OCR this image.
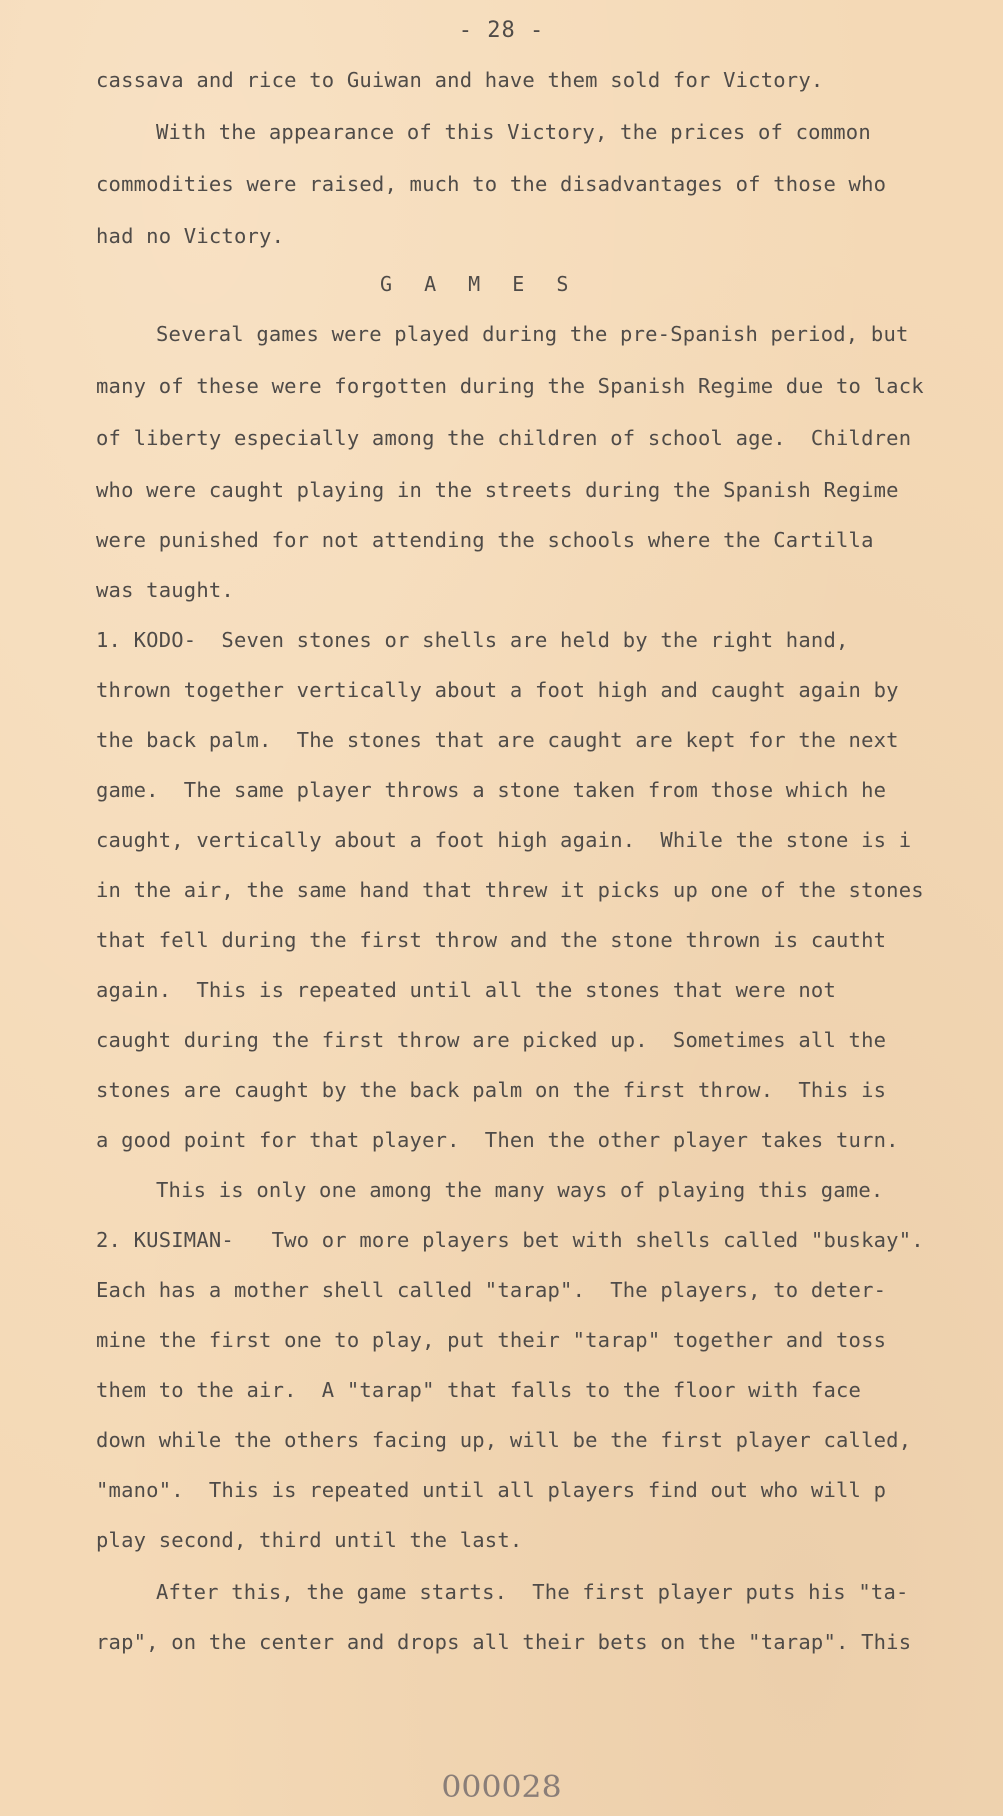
- 28 -
cassava and rice to Guiwan and have them sold for Victory.
With the appearance of this Victory, the prices of common
commodities were raised, much to the disadvantages of those who
had no Victory.
G A M E S
Several games were played during the pre-Spanish period, but
many of these were forgotten during the Spanish Regime due to lack
of liberty especially among the children of school age.  Children
who were caught playing in the streets during the Spanish Regime
were punished for not attending the schools where the Cartilla
was taught.
1. KODO-  Seven stones or shells are held by the right hand,
thrown together vertically about a foot high and caught again by
the back palm.  The stones that are caught are kept for the next
game.  The same player throws a stone taken from those which he
caught, vertically about a foot high again.  While the stone is i
in the air, the same hand that threw it picks up one of the stones
that fell during the first throw and the stone thrown is cautht
again.  This is repeated until all the stones that were not
caught during the first throw are picked up.  Sometimes all the
stones are caught by the back palm on the first throw.  This is
a good point for that player.  Then the other player takes turn.
This is only one among the many ways of playing this game.
2. KUSIMAN-   Two or more players bet with shells called "buskay".
Each has a mother shell called "tarap".  The players, to deter-
mine the first one to play, put their "tarap" together and toss
them to the air.  A "tarap" that falls to the floor with face
down while the others facing up, will be the first player called,
"mano".  This is repeated until all players find out who will p
play second, third until the last.
After this, the game starts.  The first player puts his "ta-
rap", on the center and drops all their bets on the "tarap". This
000028
